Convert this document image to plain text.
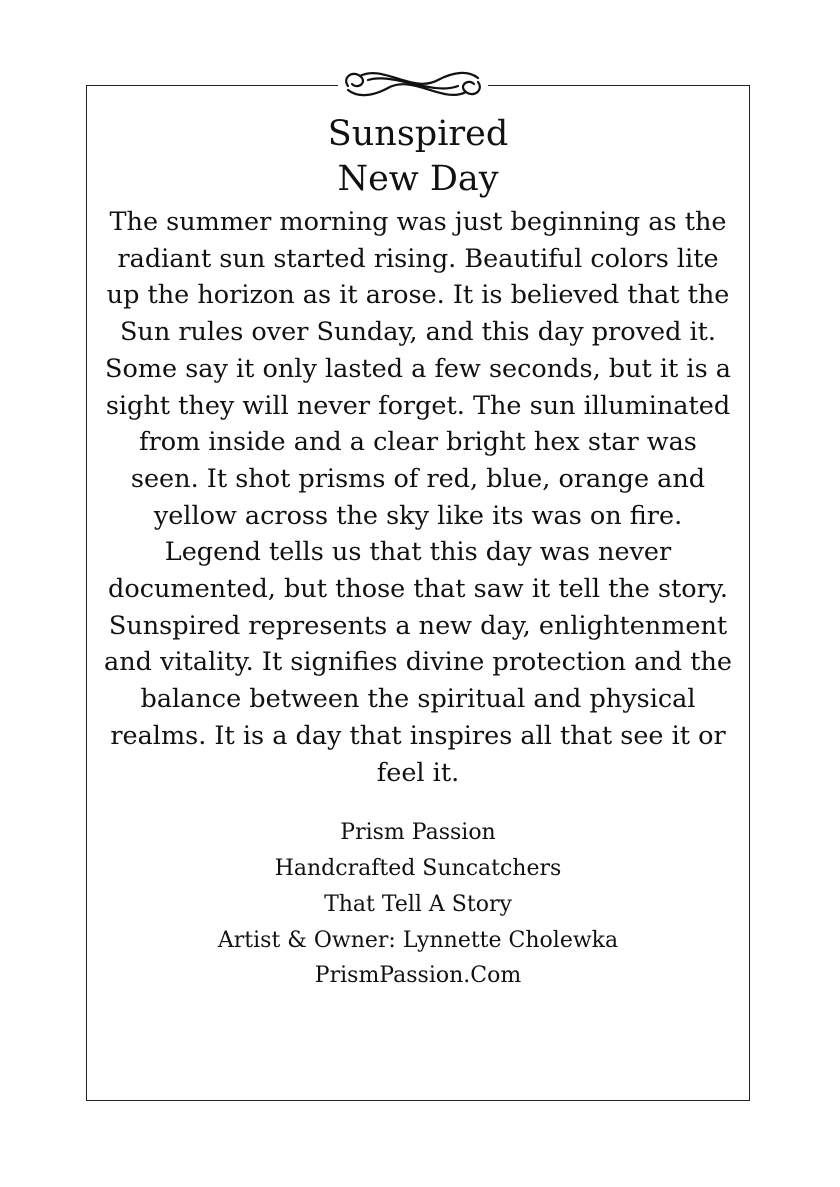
Sunspired
New Day

The summer morning was just beginning as the radiant sun started rising. Beautiful colors lite up the horizon as it arose. It is believed that the Sun rules over Sunday, and this day proved it. Some say it only lasted a few seconds, but it is a sight they will never forget. The sun illuminated from inside and a clear bright hex star was seen. It shot prisms of red, blue, orange and yellow across the sky like its was on fire. Legend tells us that this day was never documented, but those that saw it tell the story.

Sunspired represents a new day, enlightenment and vitality. It signifies divine protection and the balance between the spiritual and physical realms. It is a day that inspires all that see it or feel it.

Prism Passion

Handcrafted Suncatchers

That Tell A Story

Artist & Owner: Lynnette Cholewka

PrismPassion.Com
